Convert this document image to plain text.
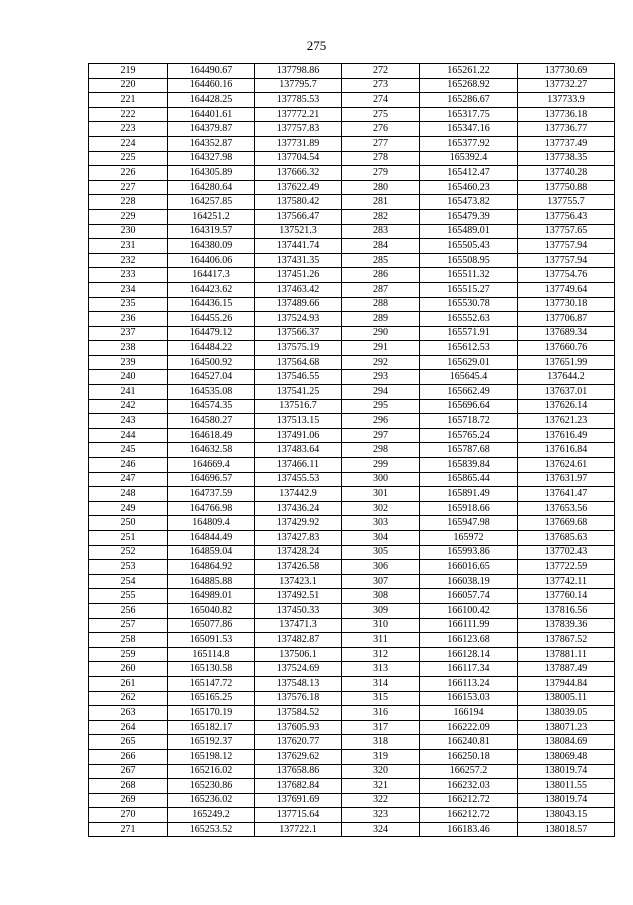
275
219	164490.67	137798.86	272	165261.22	137730.69
220	164460.16	137795.7	273	165268.92	137732.27
221	164428.25	137785.53	274	165286.67	137733.9
222	164401.61	137772.21	275	165317.75	137736.18
223	164379.87	137757.83	276	165347.16	137736.77
224	164352.87	137731.89	277	165377.92	137737.49
225	164327.98	137704.54	278	165392.4	137738.35
226	164305.89	137666.32	279	165412.47	137740.28
227	164280.64	137622.49	280	165460.23	137750.88
228	164257.85	137580.42	281	165473.82	137755.7
229	164251.2	137566.47	282	165479.39	137756.43
230	164319.57	137521.3	283	165489.01	137757.65
231	164380.09	137441.74	284	165505.43	137757.94
232	164406.06	137431.35	285	165508.95	137757.94
233	164417.3	137451.26	286	165511.32	137754.76
234	164423.62	137463.42	287	165515.27	137749.64
235	164436.15	137489.66	288	165530.78	137730.18
236	164455.26	137524.93	289	165552.63	137706.87
237	164479.12	137566.37	290	165571.91	137689.34
238	164484.22	137575.19	291	165612.53	137660.76
239	164500.92	137564.68	292	165629.01	137651.99
240	164527.04	137546.55	293	165645.4	137644.2
241	164535.08	137541.25	294	165662.49	137637.01
242	164574.35	137516.7	295	165696.64	137626.14
243	164580.27	137513.15	296	165718.72	137621.23
244	164618.49	137491.06	297	165765.24	137616.49
245	164632.58	137483.64	298	165787.68	137616.84
246	164669.4	137466.11	299	165839.84	137624.61
247	164696.57	137455.53	300	165865.44	137631.97
248	164737.59	137442.9	301	165891.49	137641.47
249	164766.98	137436.24	302	165918.66	137653.56
250	164809.4	137429.92	303	165947.98	137669.68
251	164844.49	137427.83	304	165972	137685.63
252	164859.04	137428.24	305	165993.86	137702.43
253	164864.92	137426.58	306	166016.65	137722.59
254	164885.88	137423.1	307	166038.19	137742.11
255	164989.01	137492.51	308	166057.74	137760.14
256	165040.82	137450.33	309	166100.42	137816.56
257	165077.86	137471.3	310	166111.99	137839.36
258	165091.53	137482.87	311	166123.68	137867.52
259	165114.8	137506.1	312	166128.14	137881.11
260	165130.58	137524.69	313	166117.34	137887.49
261	165147.72	137548.13	314	166113.24	137944.84
262	165165.25	137576.18	315	166153.03	138005.11
263	165170.19	137584.52	316	166194	138039.05
264	165182.17	137605.93	317	166222.09	138071.23
265	165192.37	137620.77	318	166240.81	138084.69
266	165198.12	137629.62	319	166250.18	138069.48
267	165216.02	137658.86	320	166257.2	138019.74
268	165230.86	137682.84	321	166232.03	138011.55
269	165236.02	137691.69	322	166212.72	138019.74
270	165249.2	137715.64	323	166212.72	138043.15
271	165253.52	137722.1	324	166183.46	138018.57
